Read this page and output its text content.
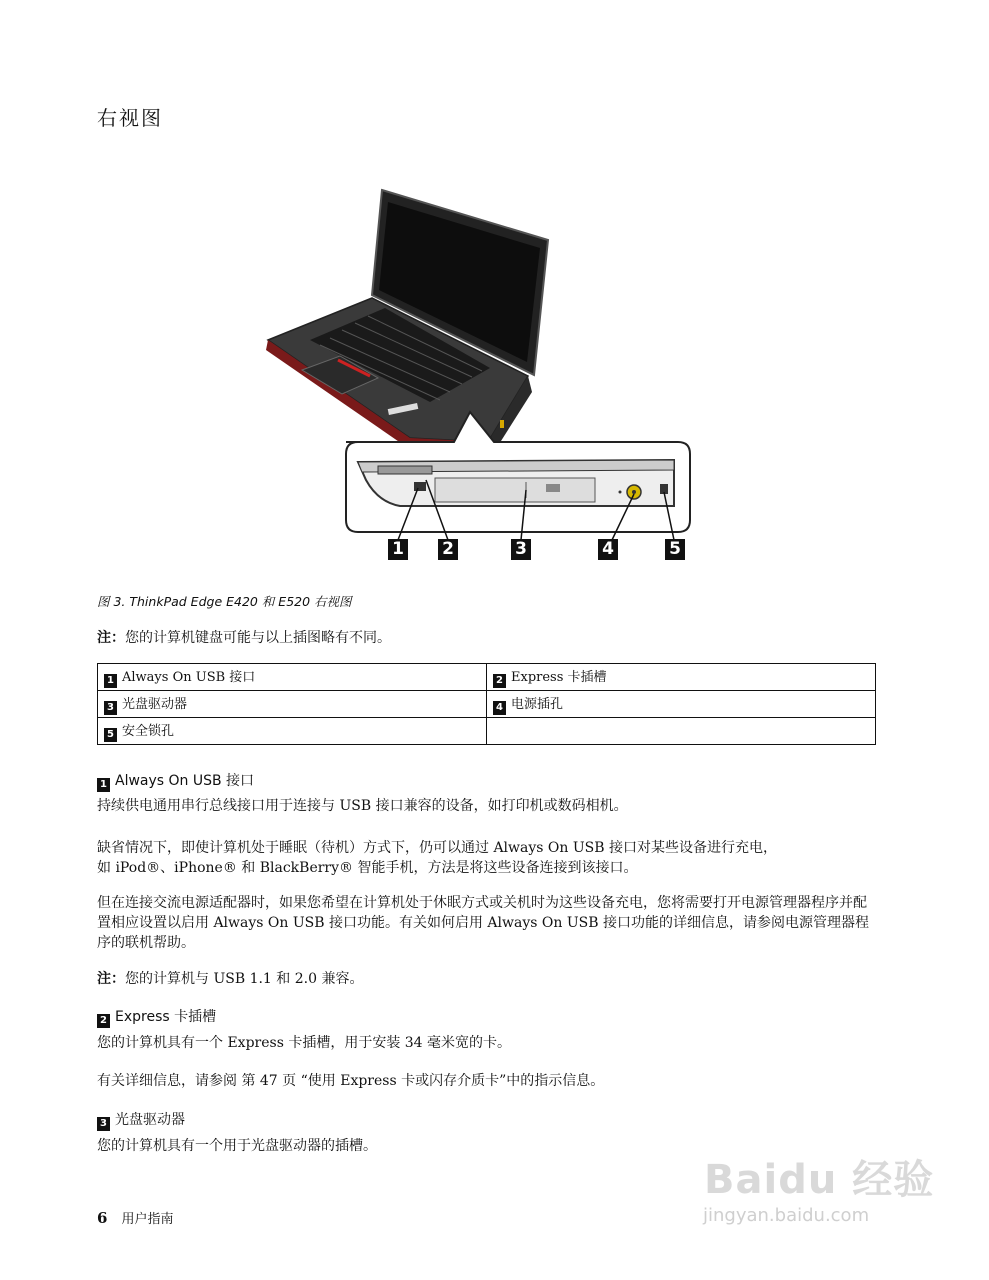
右视图
1 2	3	4	5
图 3. ThinkPad Edge E420 和 E520 右视图
注：您的计算机键盘可能与以上插图略有不同。
1 Always On USB 接口	2 Express 卡插槽
3 光盘驱动器	4 电源插孔
5 安全锁孔	
1 Always On USB 接口
持续供电通用串行总线接口用于连接与 USB 接口兼容的设备，如打印机或数码相机。
缺省情况下，即使计算机处于睡眠（待机）方式下，仍可以通过 Always On USB 接口对某些设备进行充电，
如 iPod®、iPhone® 和 BlackBerry® 智能手机，方法是将这些设备连接到该接口。
但在连接交流电源适配器时，如果您希望在计算机处于休眠方式或关机时为这些设备充电，您将需要打开电源管理器程序并配置相应设置以启用 Always On USB 接口功能。有关如何启用 Always On USB 接口功能的详细信息，请参阅电源管理器程序的联机帮助。
注：您的计算机与 USB 1.1 和 2.0 兼容。
2 Express 卡插槽
您的计算机具有一个 Express 卡插槽，用于安装 34 毫米宽的卡。
有关详细信息，请参阅 第 47 页 “使用 Express 卡或闪存介质卡”中的指示信息。
3 光盘驱动器
您的计算机具有一个用于光盘驱动器的插槽。
6 用户指南
Baidu 经验
jingyan.baidu.com
